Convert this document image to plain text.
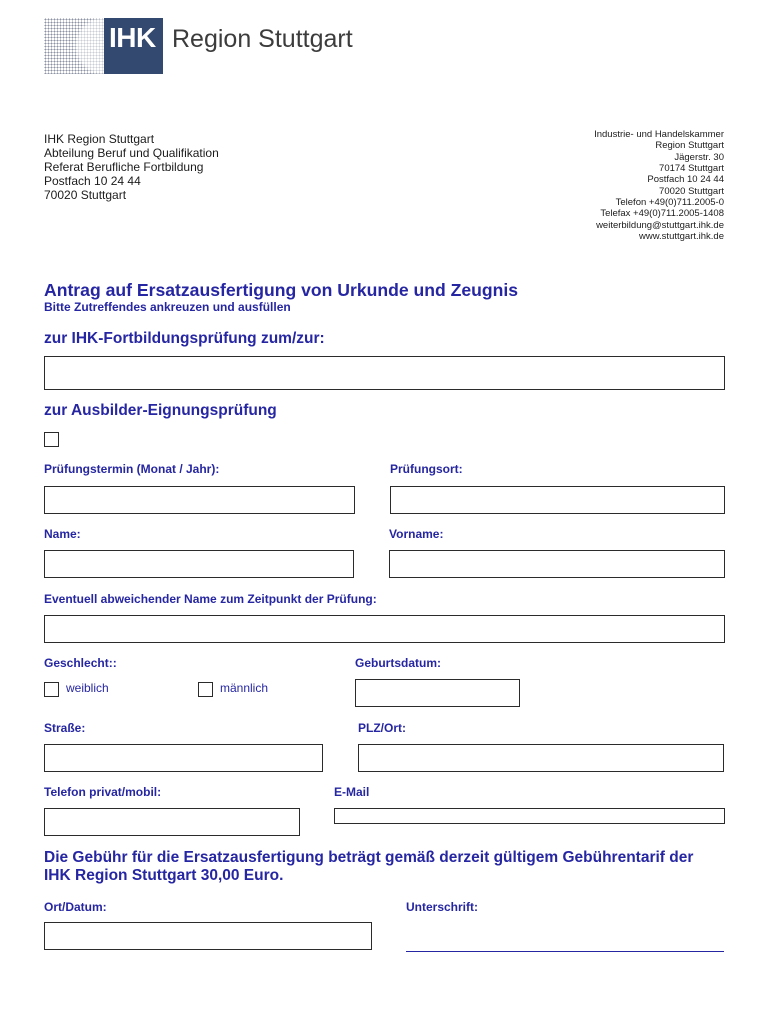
IHK Region Stuttgart
IHK Region Stuttgart
Abteilung Beruf und Qualifikation
Referat Berufliche Fortbildung
Postfach 10 24 44
70020 Stuttgart
Industrie- und Handelskammer
Region Stuttgart
Jägerstr. 30
70174 Stuttgart
Postfach 10 24 44
70020 Stuttgart
Telefon +49(0)711.2005-0
Telefax +49(0)711.2005-1408
weiterbildung@stuttgart.ihk.de
www.stuttgart.ihk.de
Antrag auf Ersatzausfertigung von Urkunde und Zeugnis
Bitte Zutreffendes ankreuzen und ausfüllen
zur IHK-Fortbildungsprüfung zum/zur:
zur Ausbilder-Eignungsprüfung
Prüfungstermin (Monat / Jahr):	Prüfungsort:
Name:	Vorname:
Eventuell abweichender Name zum Zeitpunkt der Prüfung:
Geschlecht::	Geburtsdatum:
weiblich	männlich
Straße:	PLZ/Ort:
Telefon privat/mobil:	E-Mail
Die Gebühr für die Ersatzausfertigung beträgt gemäß derzeit gültigem Gebührentarif der
IHK Region Stuttgart 30,00 Euro.
Ort/Datum:	Unterschrift:
